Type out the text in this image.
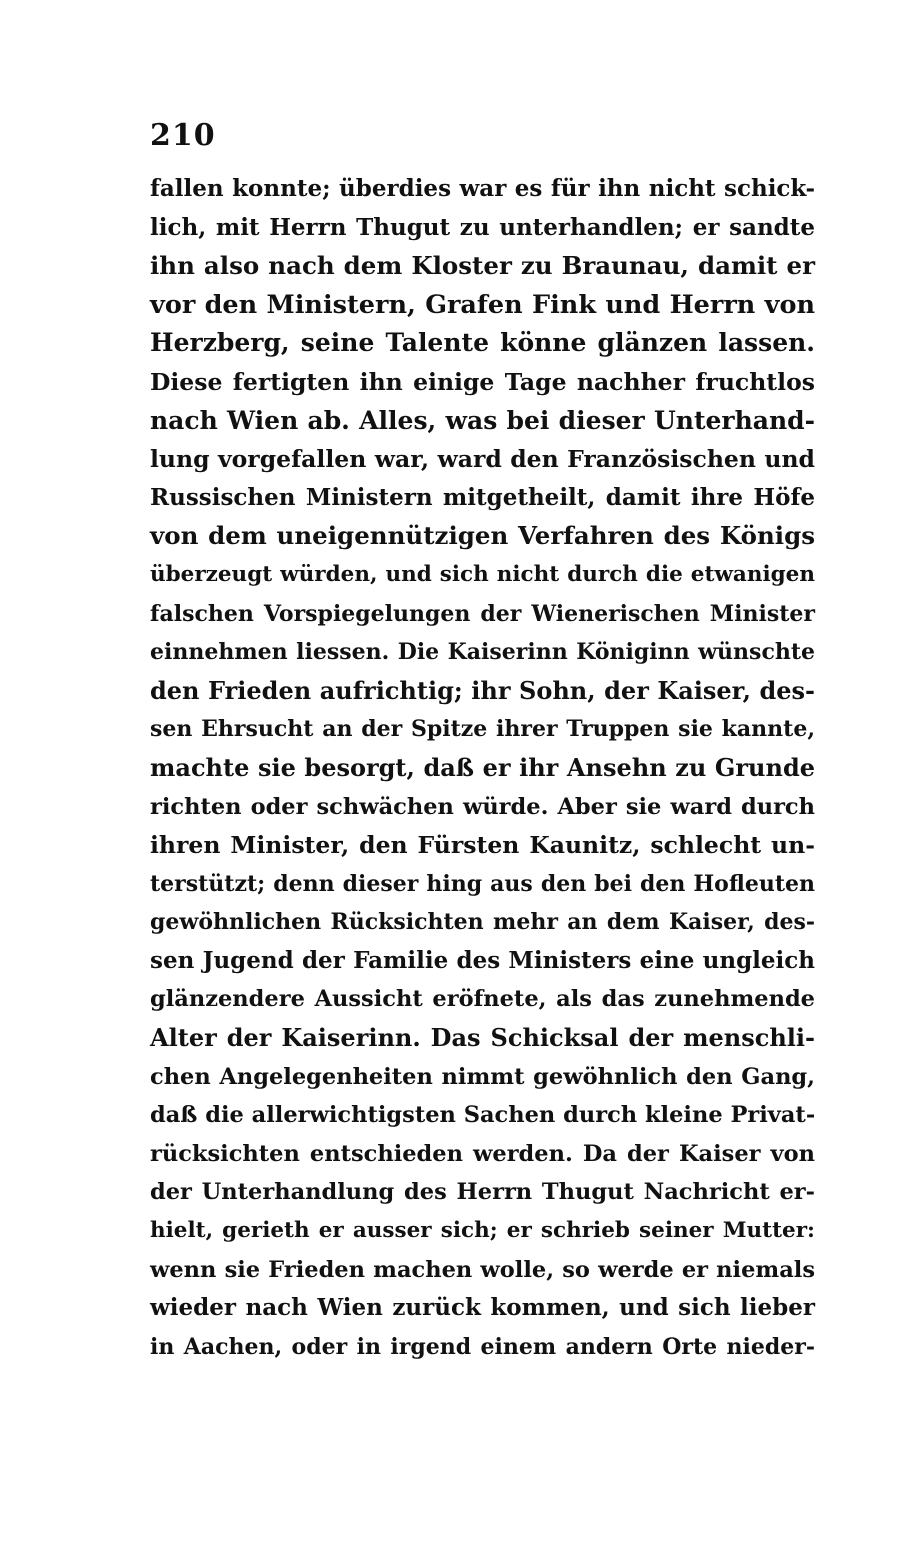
210
fallen konnte; überdies war es für ihn nicht schick-
lich, mit Herrn Thugut zu unterhandlen; er sandte
ihn also nach dem Kloster zu Braunau, damit er
vor den Ministern, Grafen Fink und Herrn von
Herzberg, seine Talente könne glänzen lassen.
Diese fertigten ihn einige Tage nachher fruchtlos
nach Wien ab. Alles, was bei dieser Unterhand-
lung vorgefallen war, ward den Französischen und
Russischen Ministern mitgetheilt, damit ihre Höfe
von dem uneigennützigen Verfahren des Königs
überzeugt würden, und sich nicht durch die etwanigen
falschen Vorspiegelungen der Wienerischen Minister
einnehmen liessen. Die Kaiserinn Königinn wünschte
den Frieden aufrichtig; ihr Sohn, der Kaiser, des-
sen Ehrsucht an der Spitze ihrer Truppen sie kannte,
machte sie besorgt, daß er ihr Ansehn zu Grunde
richten oder schwächen würde. Aber sie ward durch
ihren Minister, den Fürsten Kaunitz, schlecht un-
terstützt; denn dieser hing aus den bei den Hofleuten
gewöhnlichen Rücksichten mehr an dem Kaiser, des-
sen Jugend der Familie des Ministers eine ungleich
glänzendere Aussicht eröfnete, als das zunehmende
Alter der Kaiserinn. Das Schicksal der menschli-
chen Angelegenheiten nimmt gewöhnlich den Gang,
daß die allerwichtigsten Sachen durch kleine Privat-
rücksichten entschieden werden. Da der Kaiser von
der Unterhandlung des Herrn Thugut Nachricht er-
hielt, gerieth er ausser sich; er schrieb seiner Mutter:
wenn sie Frieden machen wolle, so werde er niemals
wieder nach Wien zurück kommen, und sich lieber
in Aachen, oder in irgend einem andern Orte nieder-
